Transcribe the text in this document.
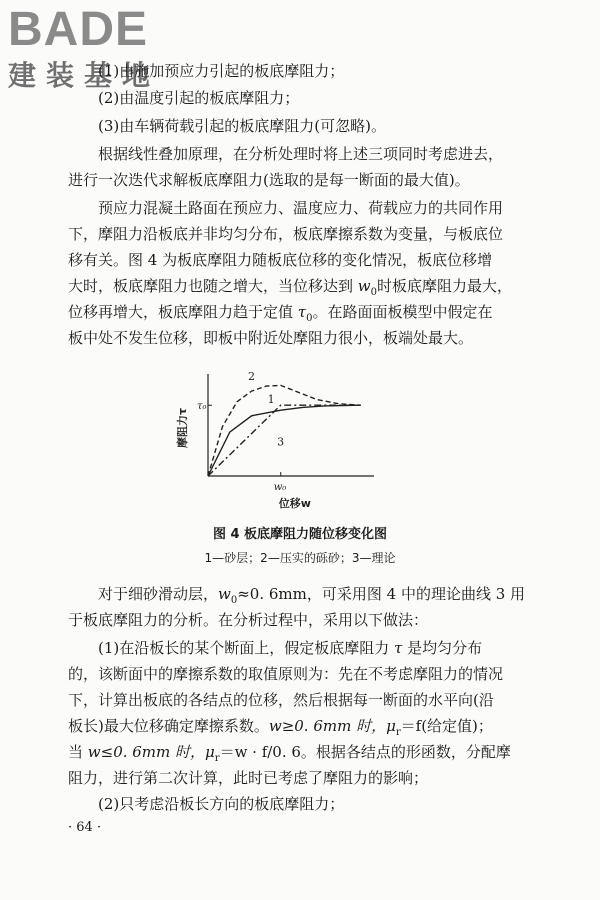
BADE
建装基地
(1)由施加预应力引起的板底摩阻力；
(2)由温度引起的板底摩阻力；
(3)由车辆荷载引起的板底摩阻力(可忽略)。
根据线性叠加原理，在分析处理时将上述三项同时考虑进去，
进行一次迭代求解板底摩阻力(选取的是每一断面的最大值)。
预应力混凝土路面在预应力、温度应力、荷载应力的共同作用
下，摩阻力沿板底并非均匀分布，板底摩擦系数为变量，与板底位
移有关。图 4 为板底摩阻力随板底位移的变化情况，板底位移增
大时，板底摩阻力也随之增大，当位移达到 $w_0$时板底摩阻力最大，
位移再增大，板底摩阻力趋于定值 $\tau_0$。在路面面板模型中假定在
板中处不发生位移，即板中附近处摩阻力很小，板端处最大。
1
2
3
τ₀
w₀
位移w
摩阻力τ
图 4 板底摩阻力随位移变化图
1—砂层；2—压实的砾砂；3—理论
对于细砂滑动层，$w_0\approx 0$. 6mm，可采用图 4 中的理论曲线 3 用
于板底摩阻力的分析。在分析过程中，采用以下做法：
(1)在沿板长的某个断面上，假定板底摩阻力 τ 是均匀分布
的，该断面中的摩擦系数的取值原则为：先在不考虑摩阻力的情况
下，计算出板底的各结点的位移，然后根据每一断面的水平向(沿
板长)最大位移确定摩擦系数。w≥0. 6mm 时，$\mu_r=f$(给定值)；
当 w≤0. 6mm 时，$\mu_r=w \cdot f/0$. 6。根据各结点的形函数，分配摩
阻力，进行第二次计算，此时已考虑了摩阻力的影响；
(2)只考虑沿板长方向的板底摩阻力；
· 64 ·
